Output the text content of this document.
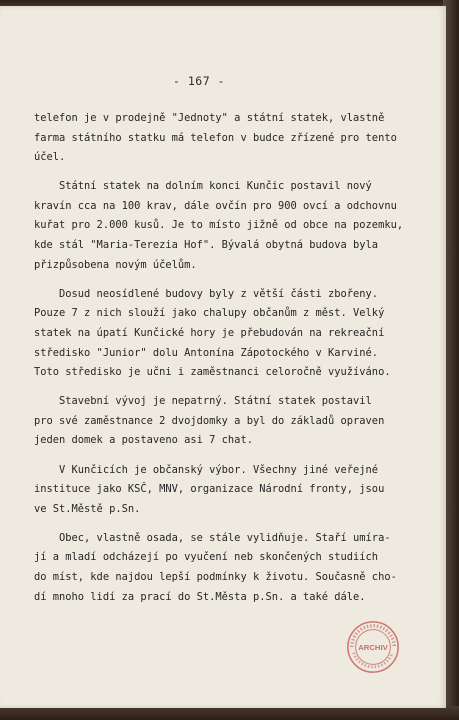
- 167 -
telefon je v prodejně "Jednoty" a státní statek, vlastně
farma státního statku má telefon v budce zřízené pro tento
účel.
Státní statek na dolním konci Kunčic postavil nový
kravín cca na 100 krav, dále ovčín pro 900 ovcí a odchovnu
kuřat pro 2.000 kusů. Je to místo jižně od obce na pozemku,
kde stál "Maria-Terezia Hof". Bývalá obytná budova byla
přizpůsobena novým účelům.
Dosud neosídlené budovy byly z větší části zbořeny.
Pouze 7 z nich slouží jako chalupy občanům z měst. Velký
statek na úpatí Kunčické hory je přebudován na rekreační
středisko "Junior" dolu Antonína Zápotockého v Karviné.
Toto středisko je učni i zaměstnanci celoročně využíváno.
Stavební vývoj je nepatrný. Státní statek postavil
pro své zaměstnance 2 dvojdomky a byl do základů opraven
jeden domek a postaveno asi 7 chat.
V Kunčicích je občanský výbor. Všechny jiné veřejné
instituce jako KSČ, MNV, organizace Národní fronty, jsou
ve St.Městě p.Sn.
Obec, vlastně osada, se stále vylidňuje. Staří umíra-
jí a mladí odcházejí po vyučení neb skončených studiích
do míst, kde najdou lepší podmínky k životu. Současně cho-
dí mnoho lidí za prací do St.Města p.Sn. a také dále.
ARCHIV
